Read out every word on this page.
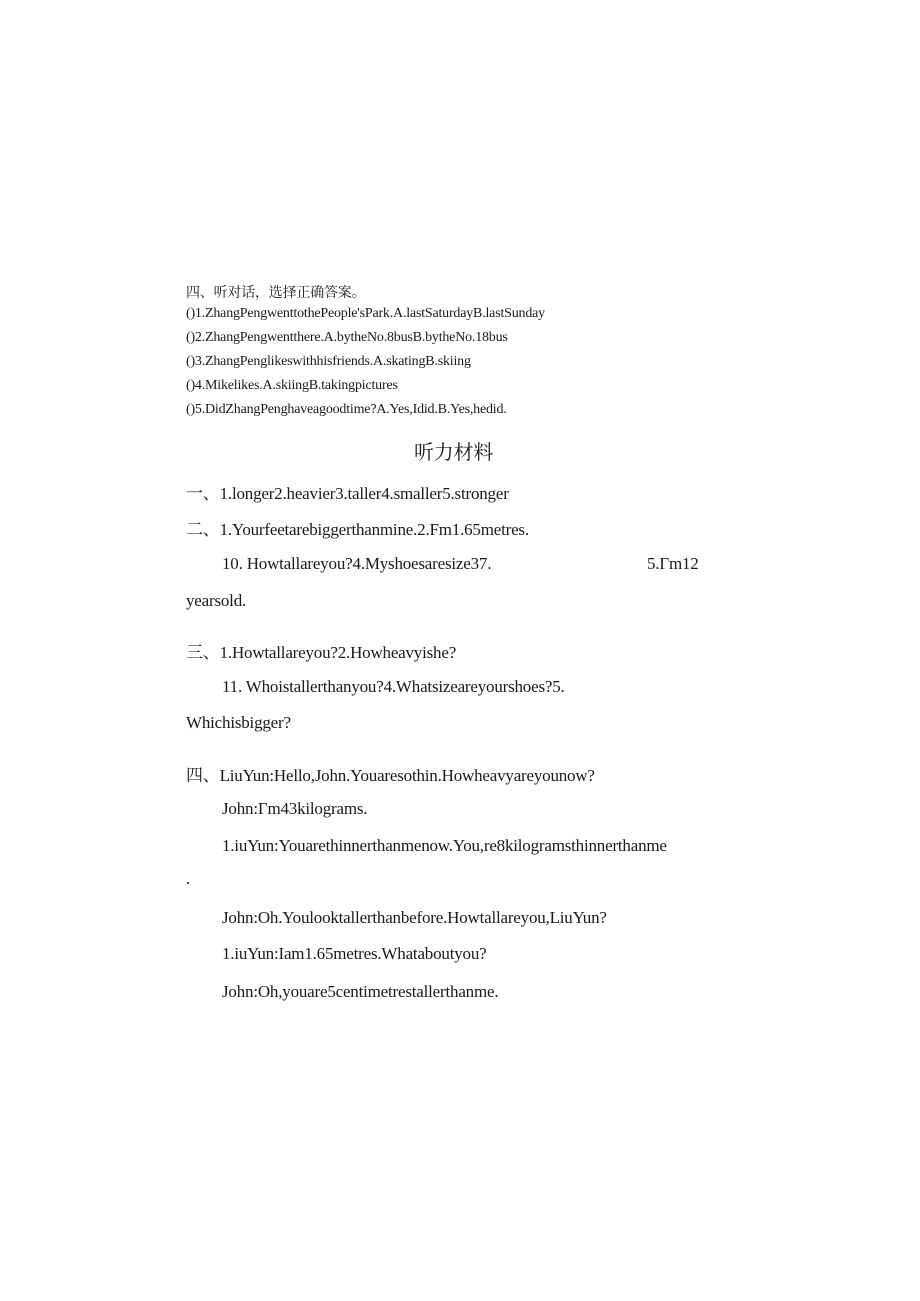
四、听对话，选择正确答案。
()1.ZhangPengwenttothePeople'sPark.A.lastSaturdayB.lastSunday
()2.ZhangPengwentthere.A.bytheNo.8busB.bytheNo.18bus
()3.ZhangPenglikeswithhisfriends.A.skatingB.skiing
()4.Mikelikes.A.skiingB.takingpictures
()5.DidZhangPenghaveagoodtime?A.Yes,Idid.B.Yes,hedid.
听力材料
一、1.longer2.heavier3.taller4.smaller5.stronger
二、1.Yourfeetarebiggerthanmine.2.Fm1.65metres.
10. Howtallareyou?4.Myshoesaresize37.	5.Γm12
yearsold.
三、1.Howtallareyou?2.Howheavyishe?
11. Whoistallerthanyou?4.Whatsizeareyourshoes?5.
Whichisbigger?
四、LiuYun:Hello,John.Youaresothin.Howheavyareyounow?
John:Γm43kilograms.
1.iuYun:Youarethinnerthanmenow.You,re8kilogramsthinnerthanme
.
John:Oh.Youlooktallerthanbefore.Howtallareyou,LiuYun?
1.iuYun:Iam1.65metres.Whataboutyou?
John:Oh,youare5centimetrestallerthanme.
